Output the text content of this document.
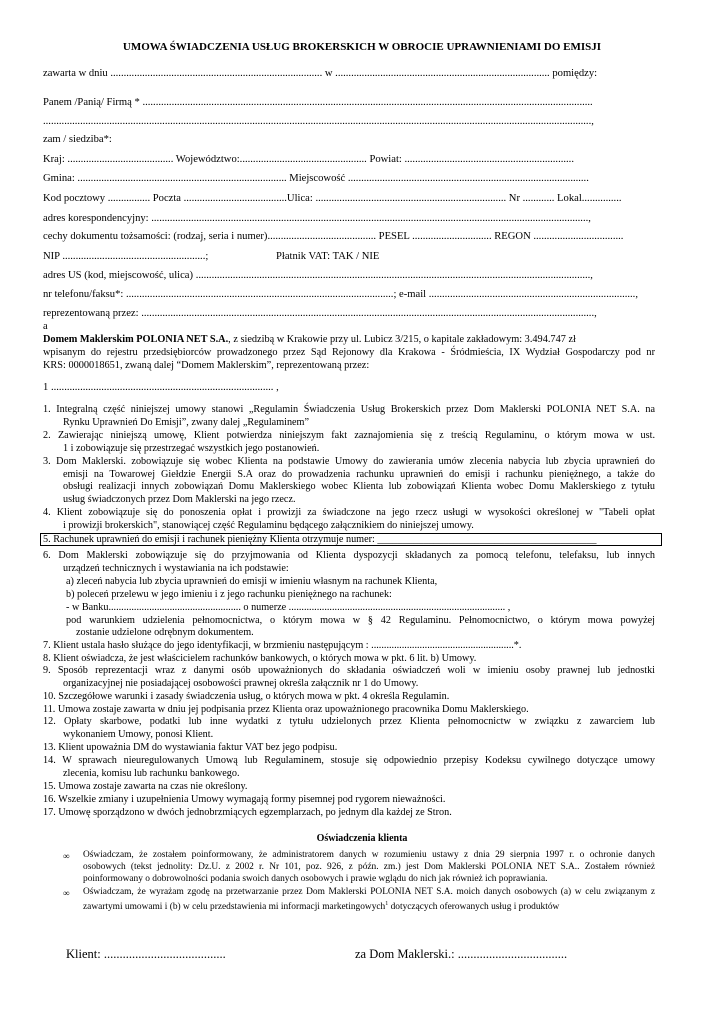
UMOWA ŚWIADCZENIA USŁUG BROKERSKICH W OBROCIE UPRAWNIENIAMI DO EMISJI
zawarta w dniu ................................................................................ w ................................................................................. pomiędzy:
Panem /Panią/ Firmą * ..........................................................................................................................................................................
...............................................................................................................................................................................................................,
zam / siedziba*:
Kraj: ........................................ Województwo:................................................ Powiat: ................................................................
Gmina: ............................................................................... Miejscowość ...........................................................................................
Kod pocztowy ................ Poczta .......................................Ulica: ........................................................................ Nr ............ Lokal...............
adres korespondencyjny: .....................................................................................................................................................................,
cechy dokumentu tożsamości: (rodzaj, seria i numer)......................................... PESEL .............................. REGON ..................................
NIP ......................................................;	Płatnik VAT: TAK / NIE
adres US (kod, miejscowość, ulica) .....................................................................................................................................................,
nr telefonu/faksu*: .....................................................................................................; e-mail ..............................................................................,
reprezentowaną przez: ...........................................................................................................................................................................,
a
Domem Maklerskim POLONIA NET S.A., z siedzibą w Krakowie przy ul. Lubicz 3/215, o kapitale zakładowym: 3.494.747 zł
wpisanym do rejestru przedsiębiorców prowadzonego przez Sąd Rejonowy dla Krakowa - Śródmieścia, IX Wydział Gospodarczy pod nr
KRS: 0000018651, zwaną dalej “Domem Maklerskim”, reprezentowaną przez:
1 .................................................................................... ,
1. Integralną część niniejszej umowy stanowi „Regulamin Świadczenia Usług Brokerskich przez Dom Maklerski POLONIA NET S.A. na
Rynku Uprawnień Do Emisji”, zwany dalej „Regulaminem”
2. Zawierając niniejszą umowę, Klient potwierdza niniejszym fakt zaznajomienia się z treścią Regulaminu, o którym mowa w ust.
1 i zobowiązuje się przestrzegać wszystkich jego postanowień.
3. Dom Maklerski. zobowiązuje się wobec Klienta na podstawie Umowy do zawierania umów zlecenia nabycia lub zbycia uprawnień do
emisji na Towarowej Giełdzie Energii S.A oraz do prowadzenia rachunku uprawnień do emisji i rachunku pieniężnego, a także do
obsługi realizacji innych zobowiązań Domu Maklerskiego wobec Klienta lub zobowiązań Klienta wobec Domu Maklerskiego z tytułu
usług świadczonych przez Dom Maklerski na jego rzecz.
4. Klient zobowiązuje się do ponoszenia opłat i prowizji za świadczone na jego rzecz usługi w wysokości określonej w "Tabeli opłat
i prowizji brokerskich", stanowiącej część Regulaminu będącego załącznikiem do niniejszej umowy.
5. Rachunek uprawnień do emisji i rachunek pieniężny Klienta otrzymuje numer: ___________________________________________
6. Dom Maklerski zobowiązuje się do przyjmowania od Klienta dyspozycji składanych za pomocą telefonu, telefaksu, lub innych
urządzeń technicznych i wystawiania na ich podstawie:
a) zleceń nabycia lub zbycia uprawnień do emisji w imieniu własnym na rachunek Klienta,
b) poleceń przelewu w jego imieniu i z jego rachunku pieniężnego na rachunek:
- w Banku.................................................... o numerze ..................................................................................... ,
pod warunkiem udzielenia pełnomocnictwa, o którym mowa w § 42 Regulaminu. Pełnomocnictwo, o którym mowa powyżej
zostanie udzielone odrębnym dokumentem.
7. Klient ustala hasło służące do jego identyfikacji, w brzmieniu następującym : ........................................................*.
8. Klient oświadcza, że jest właścicielem rachunków bankowych, o których mowa w pkt. 6 lit. b) Umowy.
9. Sposób reprezentacji wraz z danymi osób upoważnionych do składania oświadczeń woli w imieniu osoby prawnej lub jednostki
organizacyjnej nie posiadającej osobowości prawnej określa załącznik nr 1 do Umowy.
10. Szczegółowe warunki i zasady świadczenia usług, o których mowa w pkt. 4 określa Regulamin.
11. Umowa zostaje zawarta w dniu jej podpisania przez Klienta oraz upoważnionego pracownika Domu Maklerskiego.
12. Opłaty skarbowe, podatki lub inne wydatki z tytułu udzielonych przez Klienta pełnomocnictw w związku z zawarciem lub
wykonaniem Umowy, ponosi Klient.
13. Klient upoważnia DM do wystawiania faktur VAT bez jego podpisu.
14. W sprawach nieuregulowanych Umową lub Regulaminem, stosuje się odpowiednio przepisy Kodeksu cywilnego dotyczące umowy
zlecenia, komisu lub rachunku bankowego.
15. Umowa zostaje zawarta na czas nie określony.
16. Wszelkie zmiany i uzupełnienia Umowy wymagają formy pisemnej pod rygorem nieważności.
17. Umowę sporządzono w dwóch jednobrzmiących egzemplarzach, po jednym dla każdej ze Stron.
Oświadczenia klienta
∞ Oświadczam, że zostałem poinformowany, że administratorem danych w rozumieniu ustawy z dnia 29 sierpnia 1997 r. o ochronie danych
osobowych (tekst jednolity: Dz.U. z 2002 r. Nr 101, poz. 926, z późn. zm.) jest Dom Maklerski POLONIA NET S.A.. Zostałem również
poinformowany o dobrowolności podania swoich danych osobowych i prawie wglądu do nich jak również ich poprawiania.
∞ Oświadczam, że wyrażam zgodę na przetwarzanie przez Dom Maklerski POLONIA NET S.A. moich danych osobowych (a) w celu związanym z
zawartymi umowami i (b) w celu przedstawienia mi informacji marketingowych$^1$ dotyczących oferowanych usług i produktów
Klient: .......................................	za Dom Maklerski.: ...................................
